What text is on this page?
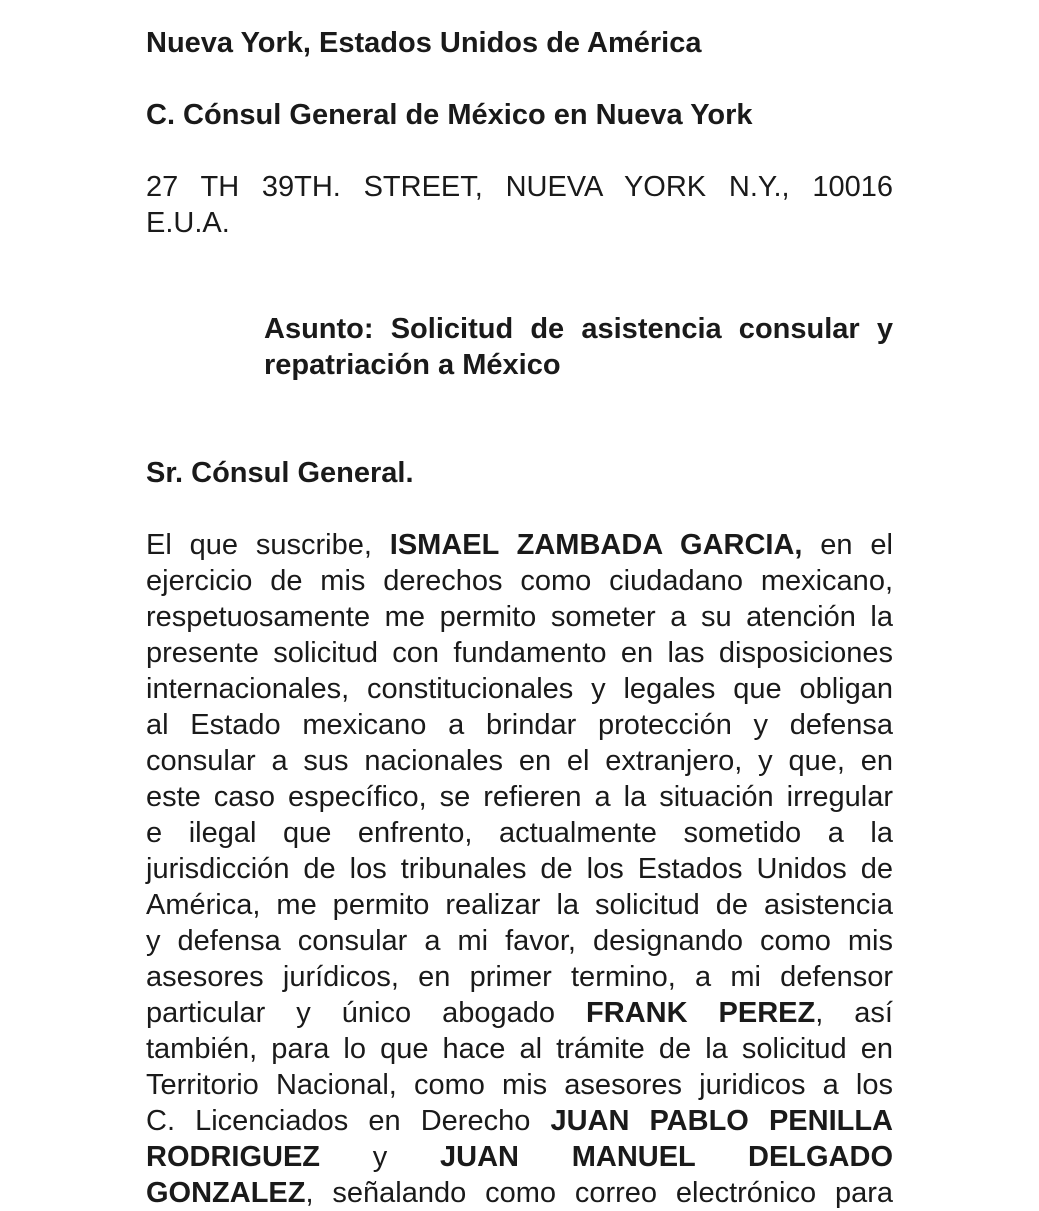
Nueva York, Estados Unidos de América
C. Cónsul General de México en Nueva York
27 TH 39TH. STREET, NUEVA YORK N.Y., 10016
E.U.A.
Asunto: Solicitud de asistencia consular y
repatriación a México
Sr. Cónsul General.
El que suscribe, ISMAEL ZAMBADA GARCIA, en el
ejercicio de mis derechos como ciudadano mexicano,
respetuosamente me permito someter a su atención la
presente solicitud con fundamento en las disposiciones
internacionales, constitucionales y legales que obligan
al Estado mexicano a brindar protección y defensa
consular a sus nacionales en el extranjero, y que, en
este caso específico, se refieren a la situación irregular
e ilegal que enfrento, actualmente sometido a la
jurisdicción de los tribunales de los Estados Unidos de
América, me permito realizar la solicitud de asistencia
y defensa consular a mi favor, designando como mis
asesores jurídicos, en primer termino, a mi defensor
particular y único abogado FRANK PEREZ, así
también, para lo que hace al trámite de la solicitud en
Territorio Nacional, como mis asesores juridicos a los
C. Licenciados en Derecho JUAN PABLO PENILLA
RODRIGUEZ y JUAN MANUEL DELGADO
GONZALEZ, señalando como correo electrónico para
